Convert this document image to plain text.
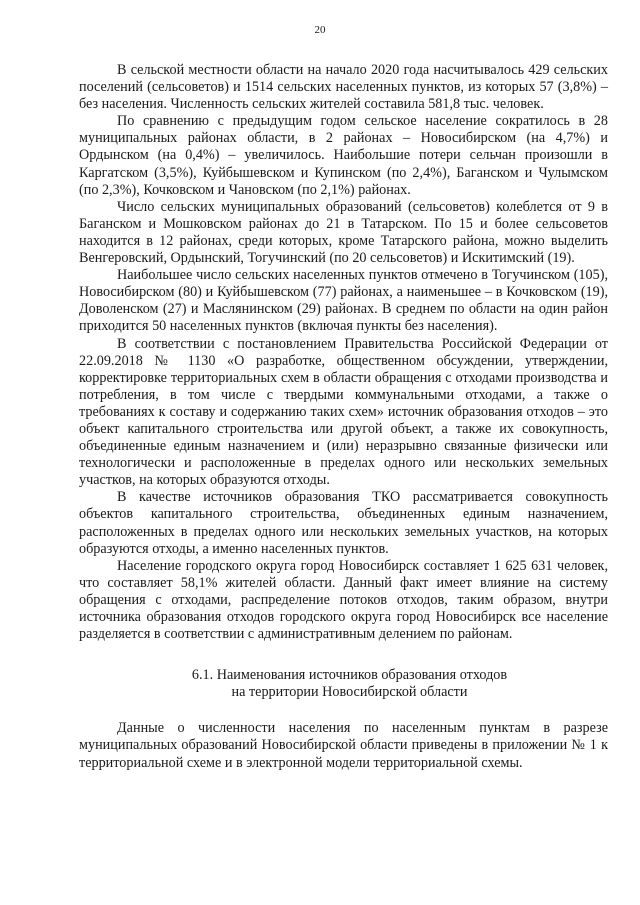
20

В сельской местности области на начало 2020 года насчитывалось 429 сельских поселений (сельсоветов) и 1514 сельских населенных пунктов, из которых 57 (3,8%) – без населения. Численность сельских жителей составила 581,8 тыс. человек.

По сравнению с предыдущим годом сельское население сократилось в 28 муниципальных районах области, в 2 районах – Новосибирском (на 4,7%) и Ордынском (на 0,4%) – увеличилось. Наибольшие потери сельчан произошли в Каргатском (3,5%), Куйбышевском и Купинском (по 2,4%), Баганском и Чулымском (по 2,3%), Кочковском и Чановском (по 2,1%) районах.

Число сельских муниципальных образований (сельсоветов) колеблется от 9 в Баганском и Мошковском районах до 21 в Татарском. По 15 и более сельсоветов находится в 12 районах, среди которых, кроме Татарского района, можно выделить Венгеровский, Ордынский, Тогучинский (по 20 сельсоветов) и Искитимский (19).

Наибольшее число сельских населенных пунктов отмечено в Тогучинском (105), Новосибирском (80) и Куйбышевском (77) районах, а наименьшее – в Кочковском (19), Доволенском (27) и Маслянинском (29) районах. В среднем по области на один район приходится 50 населенных пунктов (включая пункты без населения).

В соответствии с постановлением Правительства Российской Федерации от 22.09.2018 № 1130 «О разработке, общественном обсуждении, утверждении, корректировке территориальных схем в области обращения с отходами производства и потребления, в том числе с твердыми коммунальными отходами, а также о требованиях к составу и содержанию таких схем» источник образования отходов – это объект капитального строительства или другой объект, а также их совокупность, объединенные единым назначением и (или) неразрывно связанные физически или технологически и расположенные в пределах одного или нескольких земельных участков, на которых образуются отходы.

В качестве источников образования ТКО рассматривается совокупность объектов капитального строительства, объединенных единым назначением, расположенных в пределах одного или нескольких земельных участков, на которых образуются отходы, а именно населенных пунктов.

Население городского округа город Новосибирск составляет 1 625 631 человек, что составляет 58,1% жителей области. Данный факт имеет влияние на систему обращения с отходами, распределение потоков отходов, таким образом, внутри источника образования отходов городского округа город Новосибирск все население разделяется в соответствии с административным делением по районам.

6.1. Наименования источников образования отходов
на территории Новосибирской области

Данные о численности населения по населенным пунктам в разрезе муниципальных образований Новосибирской области приведены в приложении № 1 к территориальной схеме и в электронной модели территориальной схемы.
